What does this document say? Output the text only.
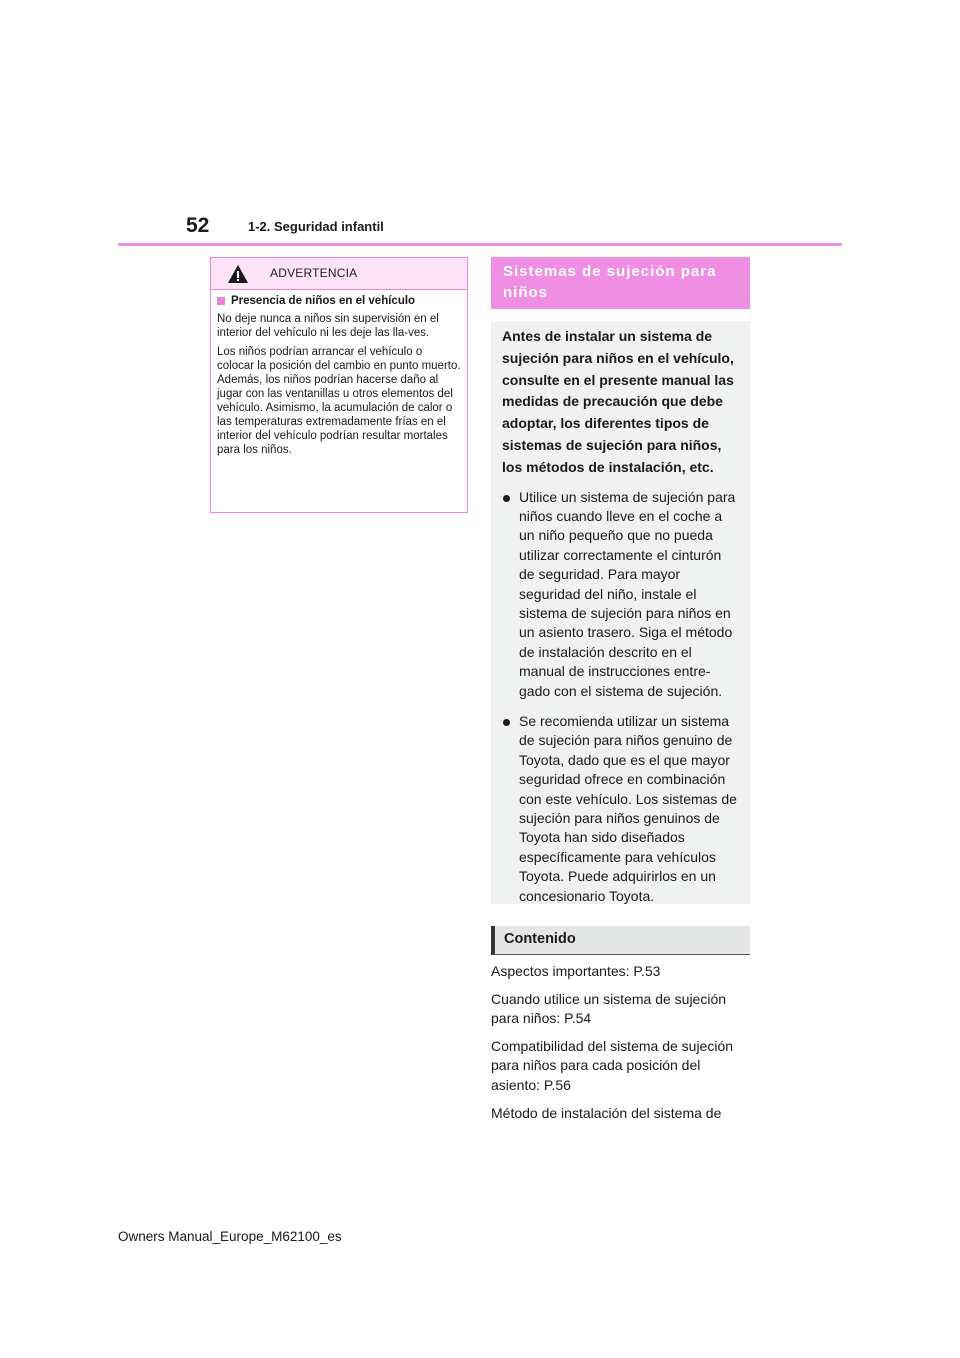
52	1-2. Seguridad infantil
ADVERTENCIA
Presencia de niños en el vehículo

No deje nunca a niños sin supervisión en el interior del vehículo ni les deje las lla-ves.

Los niños podrían arrancar el vehículo o colocar la posición del cambio en punto muerto. Además, los niños podrían hacerse daño al jugar con las ventanillas u otros elementos del vehículo. Asimismo, la acumulación de calor o las temperaturas extremadamente frías en el interior del vehículo podrían resultar mortales para los niños.

Sistemas de sujeción para niños

Antes de instalar un sistema de sujeción para niños en el vehículo, consulte en el presente manual las medidas de precaución que debe adoptar, los diferentes tipos de sistemas de sujeción para niños, los métodos de instalación, etc.

Utilice un sistema de sujeción para niños cuando lleve en el coche a un niño pequeño que no pueda utilizar correctamente el cinturón de seguridad. Para mayor seguridad del niño, instale el sistema de sujeción para niños en un asiento trasero. Siga el método de instalación descrito en el manual de instrucciones entre-gado con el sistema de sujeción.
Se recomienda utilizar un sistema de sujeción para niños genuino de Toyota, dado que es el que mayor seguridad ofrece en combinación con este vehículo. Los sistemas de sujeción para niños genuinos de Toyota han sido diseñados específicamente para vehículos Toyota. Puede adquirirlos en un concesionario Toyota.
Contenido

Aspectos importantes: P.53

Cuando utilice un sistema de sujeción para niños: P.54

Compatibilidad del sistema de sujeción para niños para cada posición del asiento: P.56

Método de instalación del sistema de

Owners Manual_Europe_M62100_es
